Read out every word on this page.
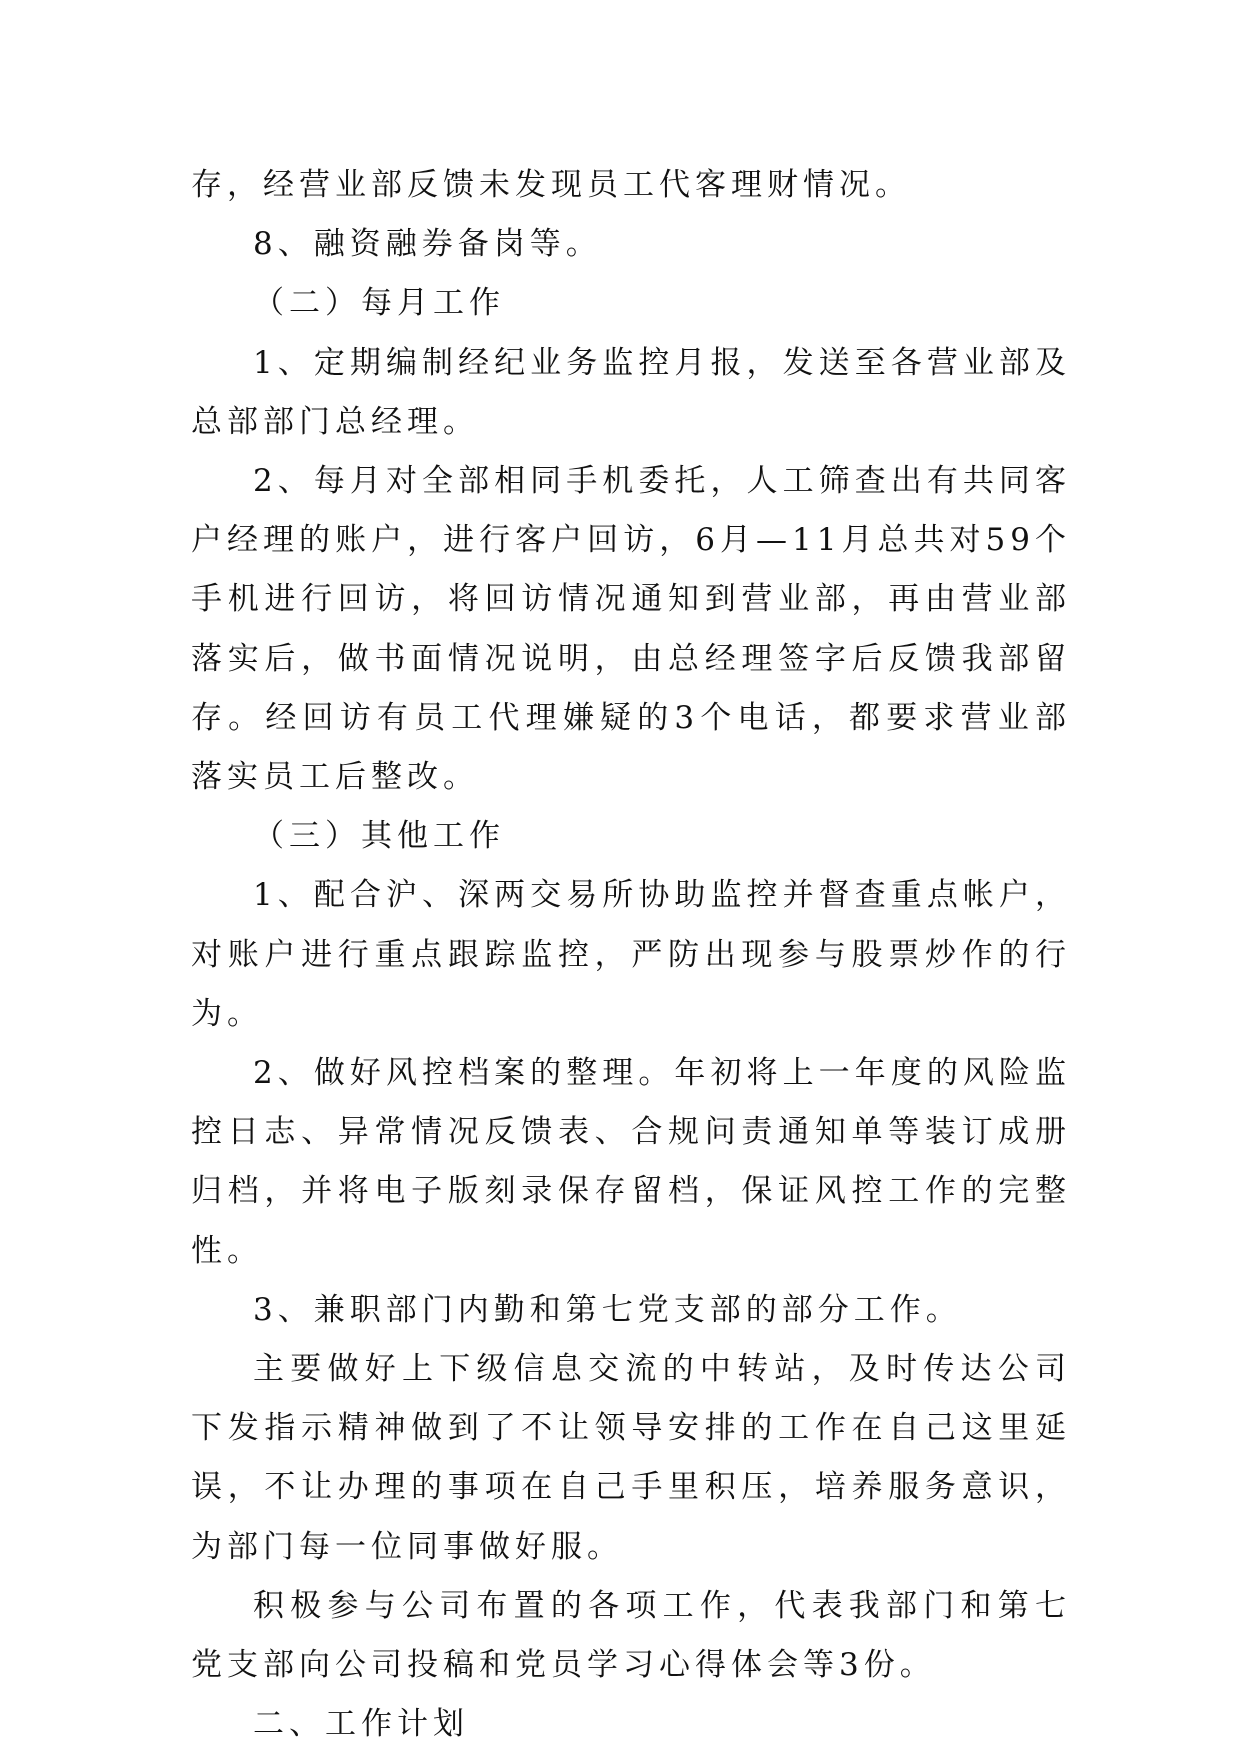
存，经营业部反馈未发现员工代客理财情况。

8、融资融券备岗等。

（二）每月工作

1、定期编制经纪业务监控月报，发送至各营业部及总部部门总经理。

2、每月对全部相同手机委托，人工筛查出有共同客户经理的账户，进行客户回访，6月—11月总共对59个手机进行回访，将回访情况通知到营业部，再由营业部落实后，做书面情况说明，由总经理签字后反馈我部留存。经回访有员工代理嫌疑的3个电话，都要求营业部落实员工后整改。

（三）其他工作

1、配合沪、深两交易所协助监控并督查重点帐户，对账户进行重点跟踪监控，严防出现参与股票炒作的行为。

2、做好风控档案的整理。年初将上一年度的风险监控日志、异常情况反馈表、合规问责通知单等装订成册归档，并将电子版刻录保存留档，保证风控工作的完整性。

3、兼职部门内勤和第七党支部的部分工作。

主要做好上下级信息交流的中转站，及时传达公司下发指示精神做到了不让领导安排的工作在自己这里延误，不让办理的事项在自己手里积压，培养服务意识，为部门每一位同事做好服。

积极参与公司布置的各项工作，代表我部门和第七党支部向公司投稿和党员学习心得体会等3份。

二、工作计划
